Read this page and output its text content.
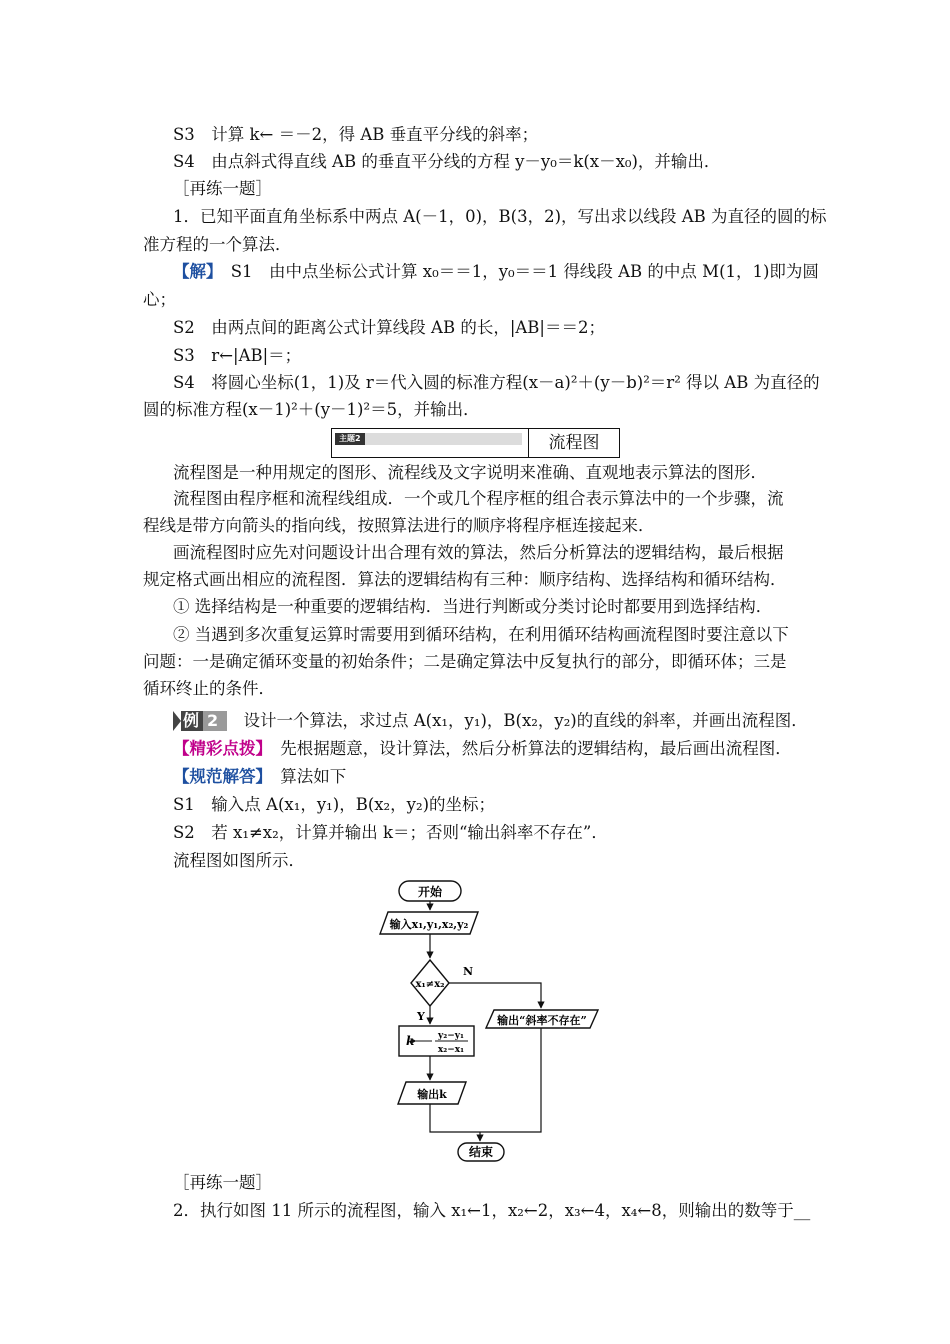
S3　计算 k← ＝－2，得 AB 垂直平分线的斜率；
S4　由点斜式得直线 AB 的垂直平分线的方程 y－y₀＝k(x－x₀)，并输出．
［再练一题］
1．已知平面直角坐标系中两点 A(－1，0)，B(3，2)，写出求以线段 AB 为直径的圆的标
准方程的一个算法．
【解】　S1　由中点坐标公式计算 x₀＝＝1，y₀＝＝1 得线段 AB 的中点 M(1，1)即为圆
心；
S2　由两点间的距离公式计算线段 AB 的长，|AB|＝＝2；
S3　r←|AB|＝；
S4　将圆心坐标(1，1)及 r＝代入圆的标准方程(x－a)²＋(y－b)²＝r² 得以 AB 为直径的
圆的标准方程(x－1)²＋(y－1)²＝5，并输出．
主题2	流程图
流程图是一种用规定的图形、流程线及文字说明来准确、直观地表示算法的图形．
流程图由程序框和流程线组成．一个或几个程序框的组合表示算法中的一个步骤，流
程线是带方向箭头的指向线，按照算法进行的顺序将程序框连接起来．
画流程图时应先对问题设计出合理有效的算法，然后分析算法的逻辑结构，最后根据
规定格式画出相应的流程图．算法的逻辑结构有三种：顺序结构、选择结构和循环结构．
① 选择结构是一种重要的逻辑结构．当进行判断或分类讨论时都要用到选择结构．
② 当遇到多次重复运算时需要用到循环结构，在利用循环结构画流程图时要注意以下
问题：一是确定循环变量的初始条件；二是确定算法中反复执行的部分，即循环体；三是
循环终止的条件．
例 2 　设计一个算法，求过点 A(x₁，y₁)，B(x₂，y₂)的直线的斜率，并画出流程图．
【精彩点拨】　先根据题意，设计算法，然后分析算法的逻辑结构，最后画出流程图．
【规范解答】　算法如下
S1　输入点 A(x₁，y₁)，B(x₂，y₂)的坐标；
S2　若 x₁≠x₂，计算并输出 k＝；否则“输出斜率不存在”．
流程图如图所示．
开始
输入x₁,y₁,x₂,y₂
x₁≠x₂
N
Y
k	y₂−y₁
x₂−x₁
输出“斜率不存在”
输出k
结束
［再练一题］
2．执行如图 11 所示的流程图，输入 x₁←1，x₂←2，x₃←4，x₄←8，则输出的数等于__
